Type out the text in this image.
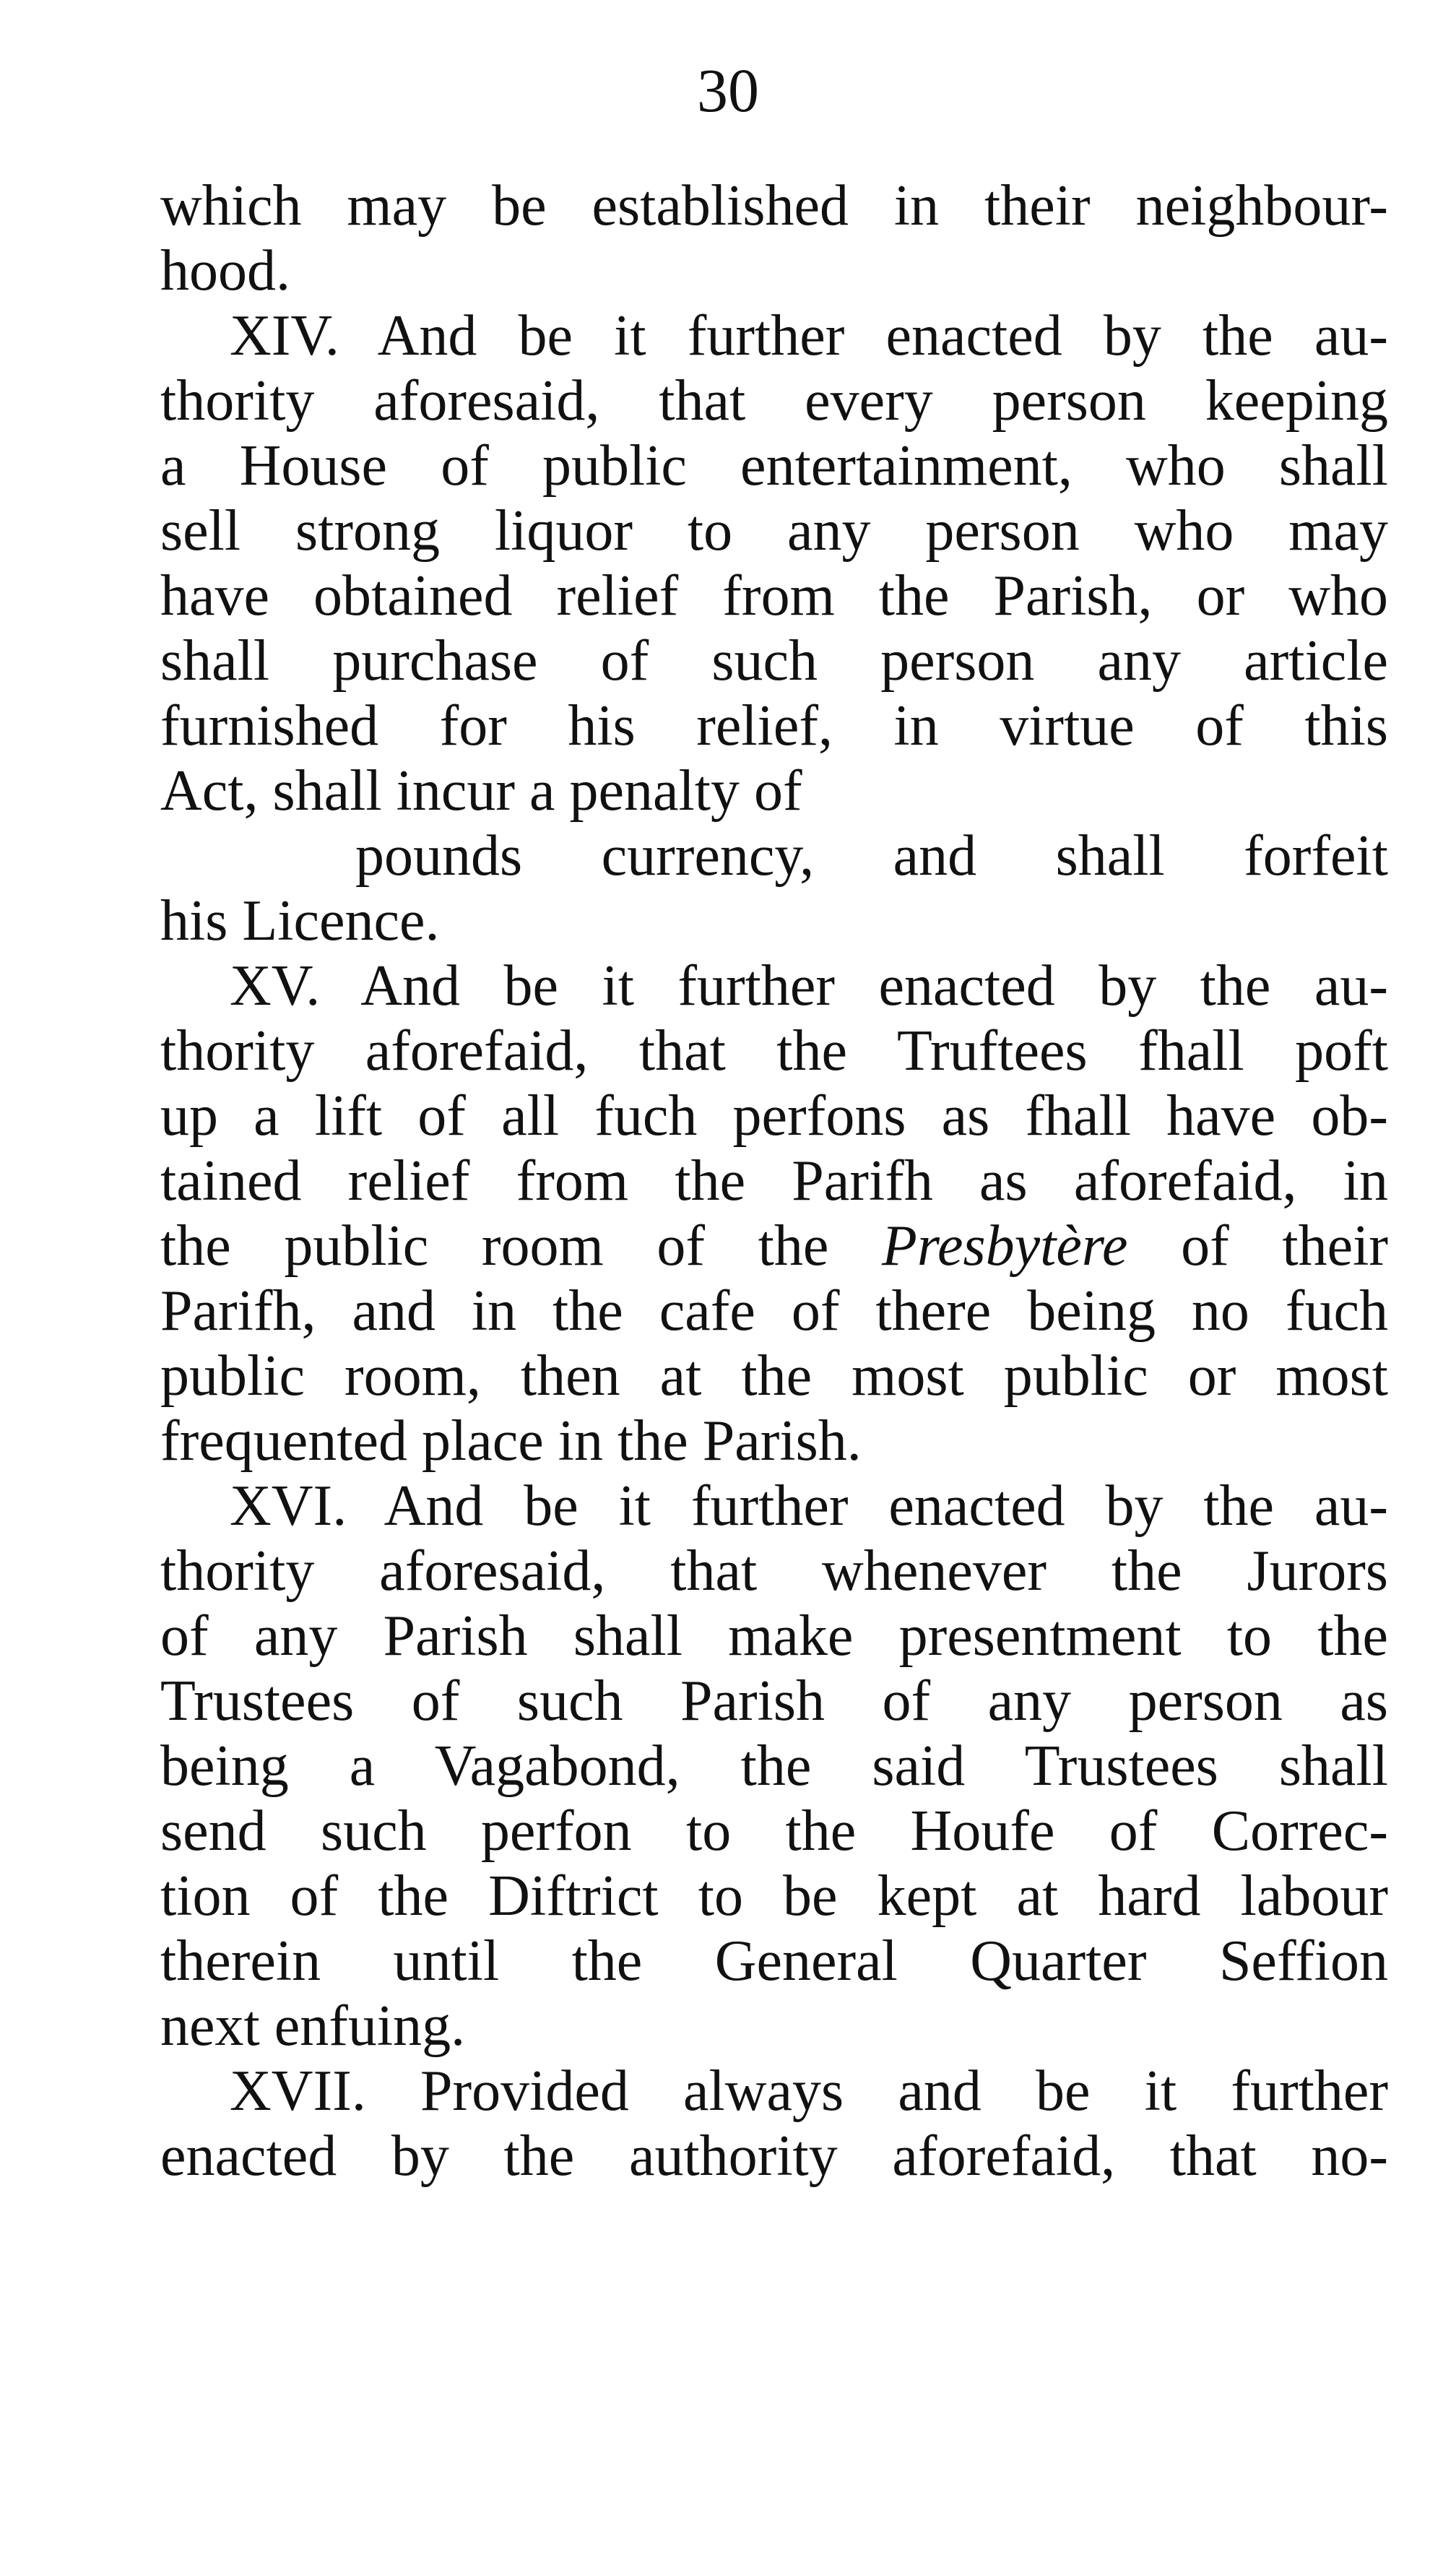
30
which may be established in their neighbour-
hood.
XIV. And be it further enacted by the au-
thority aforesaid, that every person keeping
a House of public entertainment, who shall
sell strong liquor to any person who may
have obtained relief from the Parish, or who
shall purchase of such person any article
furnished for his relief, in virtue of this
Act, shall incur a penalty of
pounds currency, and shall forfeit
his Licence.
XV. And be it further enacted by the au-
thority aforefaid, that the Truftees fhall poft
up a lift of all fuch perfons as fhall have ob-
tained relief from the Parifh as aforefaid, in
the public room of the Presbytère of their
Parifh, and in the cafe of there being no fuch
public room, then at the most public or most
frequented place in the Parish.
XVI. And be it further enacted by the au-
thority aforesaid, that whenever the Jurors
of any Parish shall make presentment to the
Trustees of such Parish of any person as
being a Vagabond, the said Trustees shall
send such perfon to the Houfe of Correc-
tion of the Diftrict to be kept at hard labour
therein until the General Quarter Seffion
next enfuing.
XVII. Provided always and be it further
enacted by the authority aforefaid, that no-
